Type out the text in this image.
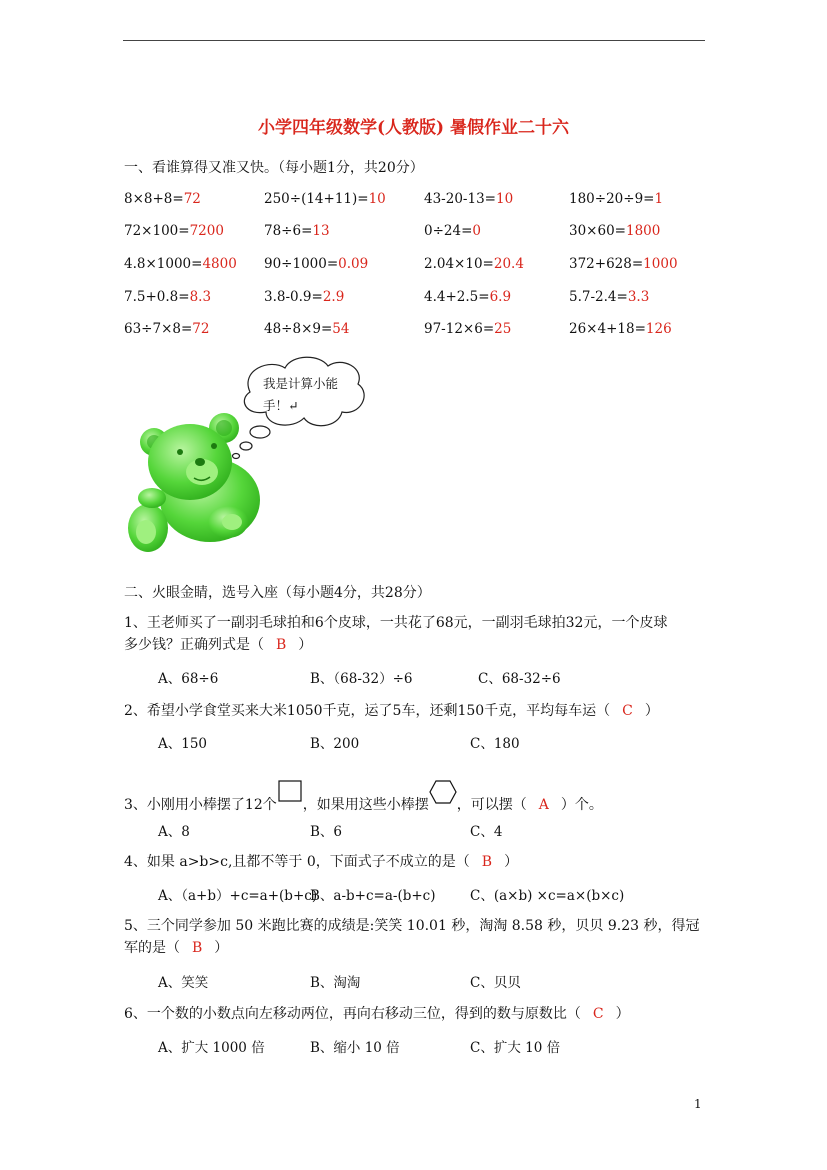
小学四年级数学(人教版) 暑假作业二十六
一、看谁算得又准又快。（每小题1分，共20分）
8×8+8=72	250÷(14+11)=10	43-20-13=10	180÷20÷9=1
72×100=7200	78÷6=13	0÷24=0	30×60=1800
4.8×1000=4800 90÷1000=0.09	2.04×10=20.4	372+628=1000
7.5+0.8=8.3	3.8-0.9=2.9	4.4+2.5=6.9	5.7-2.4=3.3
63÷7×8=72	48÷8×9=54	97-12×6=25	26×4+18=126
我是计算小能手！↵
二、火眼金睛，选号入座（每小题4分，共28分）
1、王老师买了一副羽毛球拍和6个皮球，一共花了68元，一副羽毛球拍32元，一个皮球
多少钱？正确列式是（ B ）
A、68÷6	B、（68-32）÷6	C、68-32÷6
2、希望小学食堂买来大米1050千克，运了5车，还剩150千克，平均每车运（ C ）
A、150	B、200	C、180
3、小刚用小棒摆了12个 ，如果用这些小棒摆 ，可以摆（ A ）个。
A、8	B、6	C、4
4、如果 a>b>c,且都不等于 0，下面式子不成立的是（ B ）
A、（a+b）+c=a+(b+c)
B、a-b+c=a-(b+c)	C、(a×b) ×c=a×(b×c)
5、三个同学参加 50 米跑比赛的成绩是:笑笑 10.01 秒，淘淘 8.58 秒，贝贝 9.23 秒，得冠
军的是（ B ）
A、笑笑	B、淘淘	C、贝贝
6、一个数的小数点向左移动两位，再向右移动三位，得到的数与原数比（ C ）
A、扩大 1000 倍	B、缩小 10 倍	C、扩大 10 倍
1
